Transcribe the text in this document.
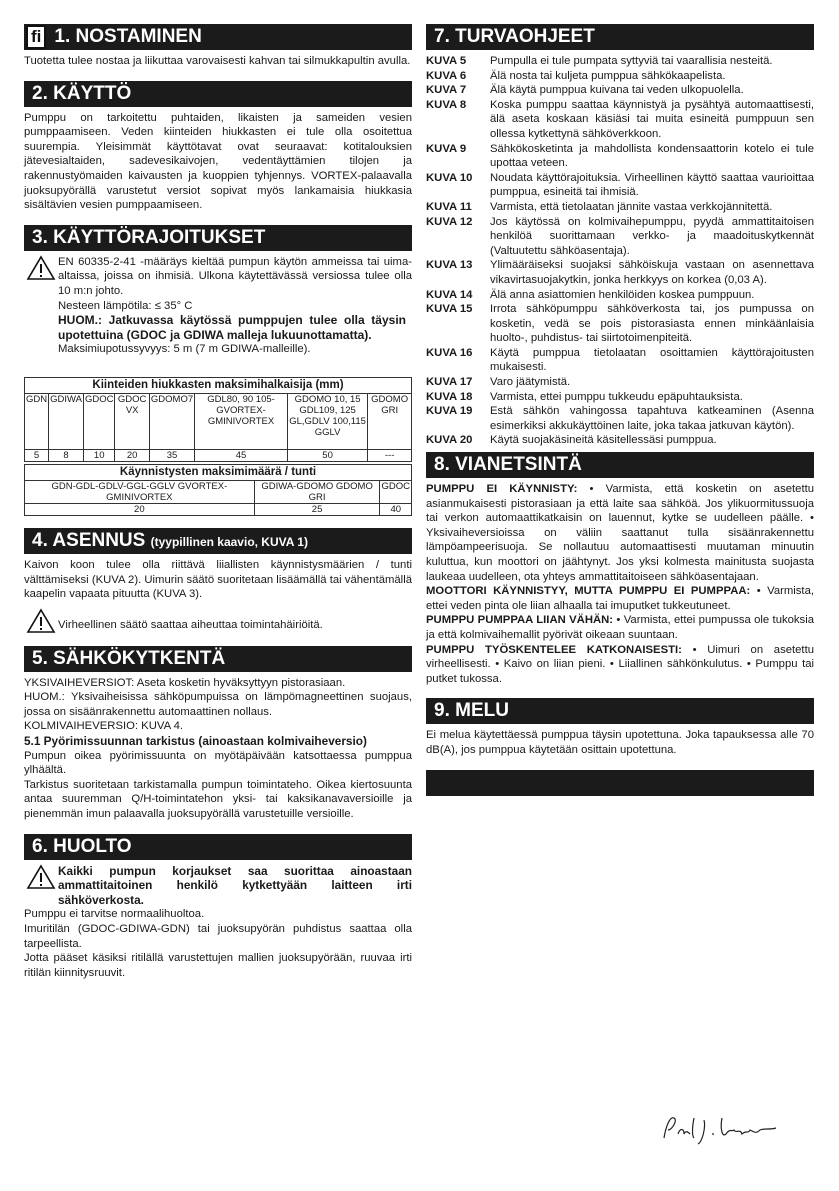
fi 1. NOSTAMINEN

Tuotetta tulee nostaa ja liikuttaa varovaisesti kahvan tai silmukkapultin avulla.

2. KÄYTTÖ

Pumppu on tarkoitettu puhtaiden, likaisten ja sameiden vesien pumppaamiseen. Veden kiinteiden hiukkasten ei tule olla osoitettua suurempia. Yleisimmät käyttötavat ovat seuraavat: kotitalouksien jätevesialtaiden, sadevesikaivojen, vedentäyttämien tilojen ja rakennustyömaiden kaivausten ja kuoppien tyhjennys. VORTEX-palaavalla juoksupyörällä varustetut versiot sopivat myös lankamaisia hiukkasia sisältävien vesien pumppaamiseen.

3. KÄYTTÖRAJOITUKSET

EN 60335-2-41 -määräys kieltää pumpun käytön ammeissa tai uima-altaissa, joissa on ihmisiä. Ulkona käytettävässä versiossa tulee olla 10 m:n johto.

Nesteen lämpötila: ≤ 35° C

HUOM.: Jatkuvassa käytössä pumppujen tulee olla täysin upotettuina (GDOC ja GDIWA malleja lukuunottamatta).

Maksimiupotussyvyys: 5 m (7 m GDIWA-malleille).

Kiinteiden hiukkasten maksimihalkaisija (mm)							
GDN	GDIWA	GDOC	GDOC VX	GDOMO7	GDL80, 90 105- GVORTEX- GMINIVORTEX	GDOMO 10, 15 GDL109, 125 GL,GDLV 100,115 GGLV	GDOMO GRI
5	8	10	20	35	45	50	---
Käynnistysten maksimimäärä / tunti		
GDN-GDL-GDLV-GGL-GGLV GVORTEX-GMINIVORTEX	GDIWA-GDOMO GDOMO GRI	GDOC
20	25	40
4. ASENNUS (tyypillinen kaavio, KUVA 1)

Kaivon koon tulee olla riittävä liiallisten käynnistysmäärien / tunti välttämiseksi (KUVA 2). Uimurin säätö suoritetaan lisäämällä tai vähentämällä kaapelin vapaata pituutta (KUVA 3).

Virheellinen säätö saattaa aiheuttaa toimintahäiriöitä.

5. SÄHKÖKYTKENTÄ

YKSIVAIHEVERSIOT: Aseta kosketin hyväksyttyyn pistorasiaan.

HUOM.: Yksivaiheisissa sähköpumpuissa on lämpömagneettinen suojaus, jossa on sisäänrakennettu automaattinen nollaus.

KOLMIVAIHEVERSIO: KUVA 4.

5.1 Pyörimissuunnan tarkistus (ainoastaan kolmivaiheversio)

Pumpun oikea pyörimissuunta on myötäpäivään katsottaessa pumppua ylhäältä.

Tarkistus suoritetaan tarkistamalla pumpun toimintateho. Oikea kiertosuunta antaa suuremman Q/H-toimintatehon yksi- tai kaksikanavaversioille ja pienemmän imun palaavalla juoksupyörällä varustetuille versioille.

6. HUOLTO

Kaikki pumpun korjaukset saa suorittaa ainoastaan ammattitaitoinen henkilö kytkettyään laitteen irti sähköverkosta.

Pumppu ei tarvitse normaalihuoltoa.

Imuritilän (GDOC-GDIWA-GDN) tai juoksupyörän puhdistus saattaa olla tarpeellista.

Jotta pääset käsiksi ritilällä varustettujen mallien juoksupyörään, ruuvaa irti ritilän kiinnitysruuvit.

7. TURVAOHJEET
KUVA 5	Pumpulla ei tule pumpata syttyviä tai vaarallisia nesteitä.

KUVA 6	Älä nosta tai kuljeta pumppua sähkökaapelista.

KUVA 7	Älä käytä pumppua kuivana tai veden ulkopuolella.

KUVA 8	Koska pumppu saattaa käynnistyä ja pysähtyä automaattisesti, älä aseta koskaan käsiäsi tai muita esineitä pumppuun sen ollessa kytkettynä sähköverkkoon.

KUVA 9	Sähkökosketinta ja mahdollista kondensaattorin kotelo ei tule upottaa veteen.

KUVA 10	Noudata käyttörajoituksia. Virheellinen käyttö saattaa vaurioittaa pumppua, esineitä tai ihmisiä.

KUVA 11	Varmista, että tietolaatan jännite vastaa verkkojännitettä.

KUVA 12	Jos käytössä on kolmivaihepumppu, pyydä ammattitaitoisen henkilöä suorittamaan verkko- ja maadoituskytkennät (Valtuutettu sähköasentaja).

KUVA 13	Ylimääräiseksi suojaksi sähköiskuja vastaan on asennettava vikavirtasuojakytkin, jonka herkkyys on korkea (0,03 A).

KUVA 14	Älä anna asiattomien henkilöiden koskea pumppuun.

KUVA 15	Irrota sähköpumppu sähköverkosta tai, jos pumpussa on kosketin, vedä se pois pistorasiasta ennen minkäänlaisia huolto-, puhdistus- tai siirtotoimenpiteitä.

KUVA 16	Käytä pumppua tietolaatan osoittamien käyttörajoitusten mukaisesti.

KUVA 17	Varo jäätymistä.

KUVA 18	Varmista, ettei pumppu tukkeudu epäpuhtauksista.

KUVA 19	Estä sähkön vahingossa tapahtuva katkeaminen (Asenna esimerkiksi akkukäyttöinen laite, joka takaa jatkuvan käytön).

KUVA 20	Käytä suojakäsineitä käsitellessäsi pumppua.

8. VIANETSINTÄ

PUMPPU EI KÄYNNISTY: • Varmista, että kosketin on asetettu asianmukaisesti pistorasiaan ja että laite saa sähköä. Jos ylikuormitussuoja tai verkon automaattikatkaisin on lauennut, kytke se uudelleen päälle. • Yksivaiheversioissa on väliin saattanut tulla sisäänrakennettu lämpöampeerisuoja. Se nollautuu automaattisesti muutaman minuutin kuluttua, kun moottori on jäähtynyt. Jos yksi kolmesta mainitusta suojasta laukeaa uudelleen, ota yhteys ammattitaitoiseen sähköasentajaan.

MOOTTORI KÄYNNISTYY, MUTTA PUMPPU EI PUMPPAA: • Varmista, ettei veden pinta ole liian alhaalla tai imuputket tukkeutuneet.

PUMPPU PUMPPAA LIIAN VÄHÄN: • Varmista, ettei pumpussa ole tukoksia ja että kolmivaihemallit pyörivät oikeaan suuntaan.

PUMPPU TYÖSKENTELEE KATKONAISESTI: • Uimuri on asetettu virheellisesti. • Kaivo on liian pieni. • Liiallinen sähkönkulutus. • Pumppu tai putket tukossa.

9. MELU

Ei melua käytettäessä pumppua täysin upotettuna. Joka tapauksessa alle 70 dB(A), jos pumppua käytetään osittain upotettuna.
